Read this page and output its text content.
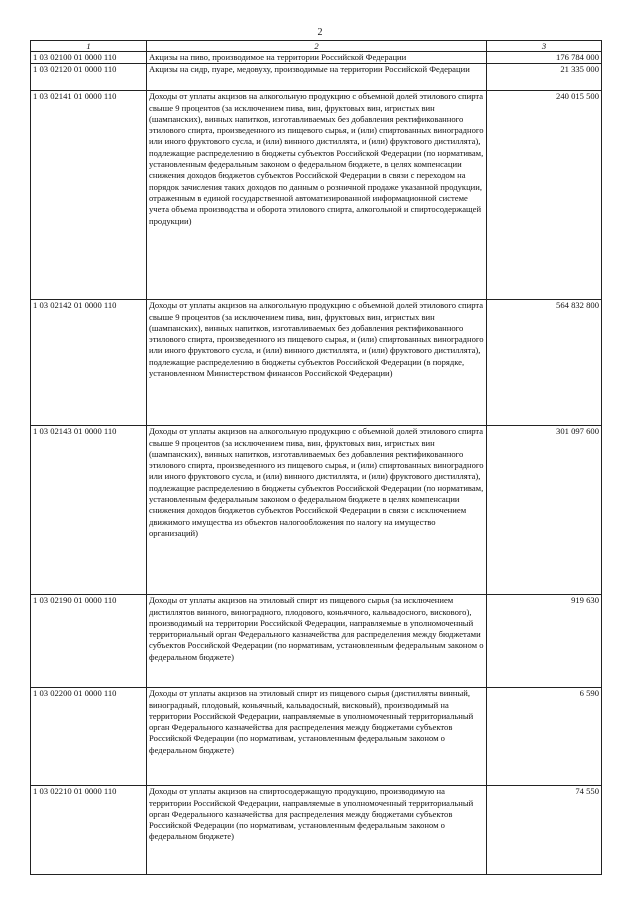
2
1	2	3
1 03 02100 01 0000 110	Акцизы на пиво, производимое на территории Российской Федерации	176 784 000
1 03 02120 01 0000 110	Акцизы на сидр, пуаре, медовуху, производимые на территории Российской Федерации	21 335 000
1 03 02141 01 0000 110	Доходы от уплаты акцизов на алкогольную продукцию с объемной долей этилового спирта свыше 9 процентов (за исключением пива, вин, фруктовых вин, игристых вин (шампанских), винных напитков, изготавливаемых без добавления ректификованного этилового спирта, произведенного из пищевого сырья, и (или) спиртованных виноградного или иного фруктового сусла, и (или) винного дистиллята, и (или) фруктового дистиллята), подлежащие распределению в бюджеты субъектов Российской Федерации (по нормативам, установленным федеральным законом о федеральном бюджете, в целях компенсации снижения доходов бюджетов субъектов Российской Федерации в связи с переходом на порядок зачисления таких доходов по данным о розничной продаже указанной продукции, отраженным в единой государственной автоматизированной информационной системе учета объема производства и оборота этилового спирта, алкогольной и спиртосодержащей продукции)	240 015 500
1 03 02142 01 0000 110	Доходы от уплаты акцизов на алкогольную продукцию с объемной долей этилового спирта свыше 9 процентов (за исключением пива, вин, фруктовых вин, игристых вин (шампанских), винных напитков, изготавливаемых без добавления ректификованного этилового спирта, произведенного из пищевого сырья, и (или) спиртованных виноградного или иного фруктового сусла, и (или) винного дистиллята, и (или) фруктового дистиллята), подлежащие распределению в бюджеты субъектов Российской Федерации (в порядке, установленном Министерством финансов Российской Федерации)	564 832 800
1 03 02143 01 0000 110	Доходы от уплаты акцизов на алкогольную продукцию с объемной долей этилового спирта свыше 9 процентов (за исключением пива, вин, фруктовых вин, игристых вин (шампанских), винных напитков, изготавливаемых без добавления ректификованного этилового спирта, произведенного из пищевого сырья, и (или) спиртованных виноградного или иного фруктового сусла, и (или) винного дистиллята, и (или) фруктового дистиллята), подлежащие распределению в бюджеты субъектов Российской Федерации (по нормативам, установленным федеральным законом о федеральном бюджете в целях компенсации снижения доходов бюджетов субъектов Российской Федерации в связи с исключением движимого имущества из объектов налогообложения по налогу на имущество организаций)	301 097 600
1 03 02190 01 0000 110	Доходы от уплаты акцизов на этиловый спирт из пищевого сырья (за исключением дистиллятов винного, виноградного, плодового, коньячного, кальвадосного, вискового), производимый на территории Российской Федерации, направляемые в уполномоченный территориальный орган Федерального казначейства для распределения между бюджетами субъектов Российской Федерации (по нормативам, установленным федеральным законом о федеральном бюджете)	919 630
1 03 02200 01 0000 110	Доходы от уплаты акцизов на этиловый спирт из пищевого сырья (дистилляты винный, виноградный, плодовый, коньячный, кальвадосный, висковый), производимый на территории Российской Федерации, направляемые в уполномоченный территориальный орган Федерального казначейства для распределения между бюджетами субъектов Российской Федерации (по нормативам, установленным федеральным законом о федеральном бюджете)	6 590
1 03 02210 01 0000 110	Доходы от уплаты акцизов на спиртосодержащую продукцию, производимую на территории Российской Федерации, направляемые в уполномоченный территориальный орган Федерального казначейства для распределения между бюджетами субъектов Российской Федерации (по нормативам, установленным федеральным законом о федеральном бюджете)	74 550
